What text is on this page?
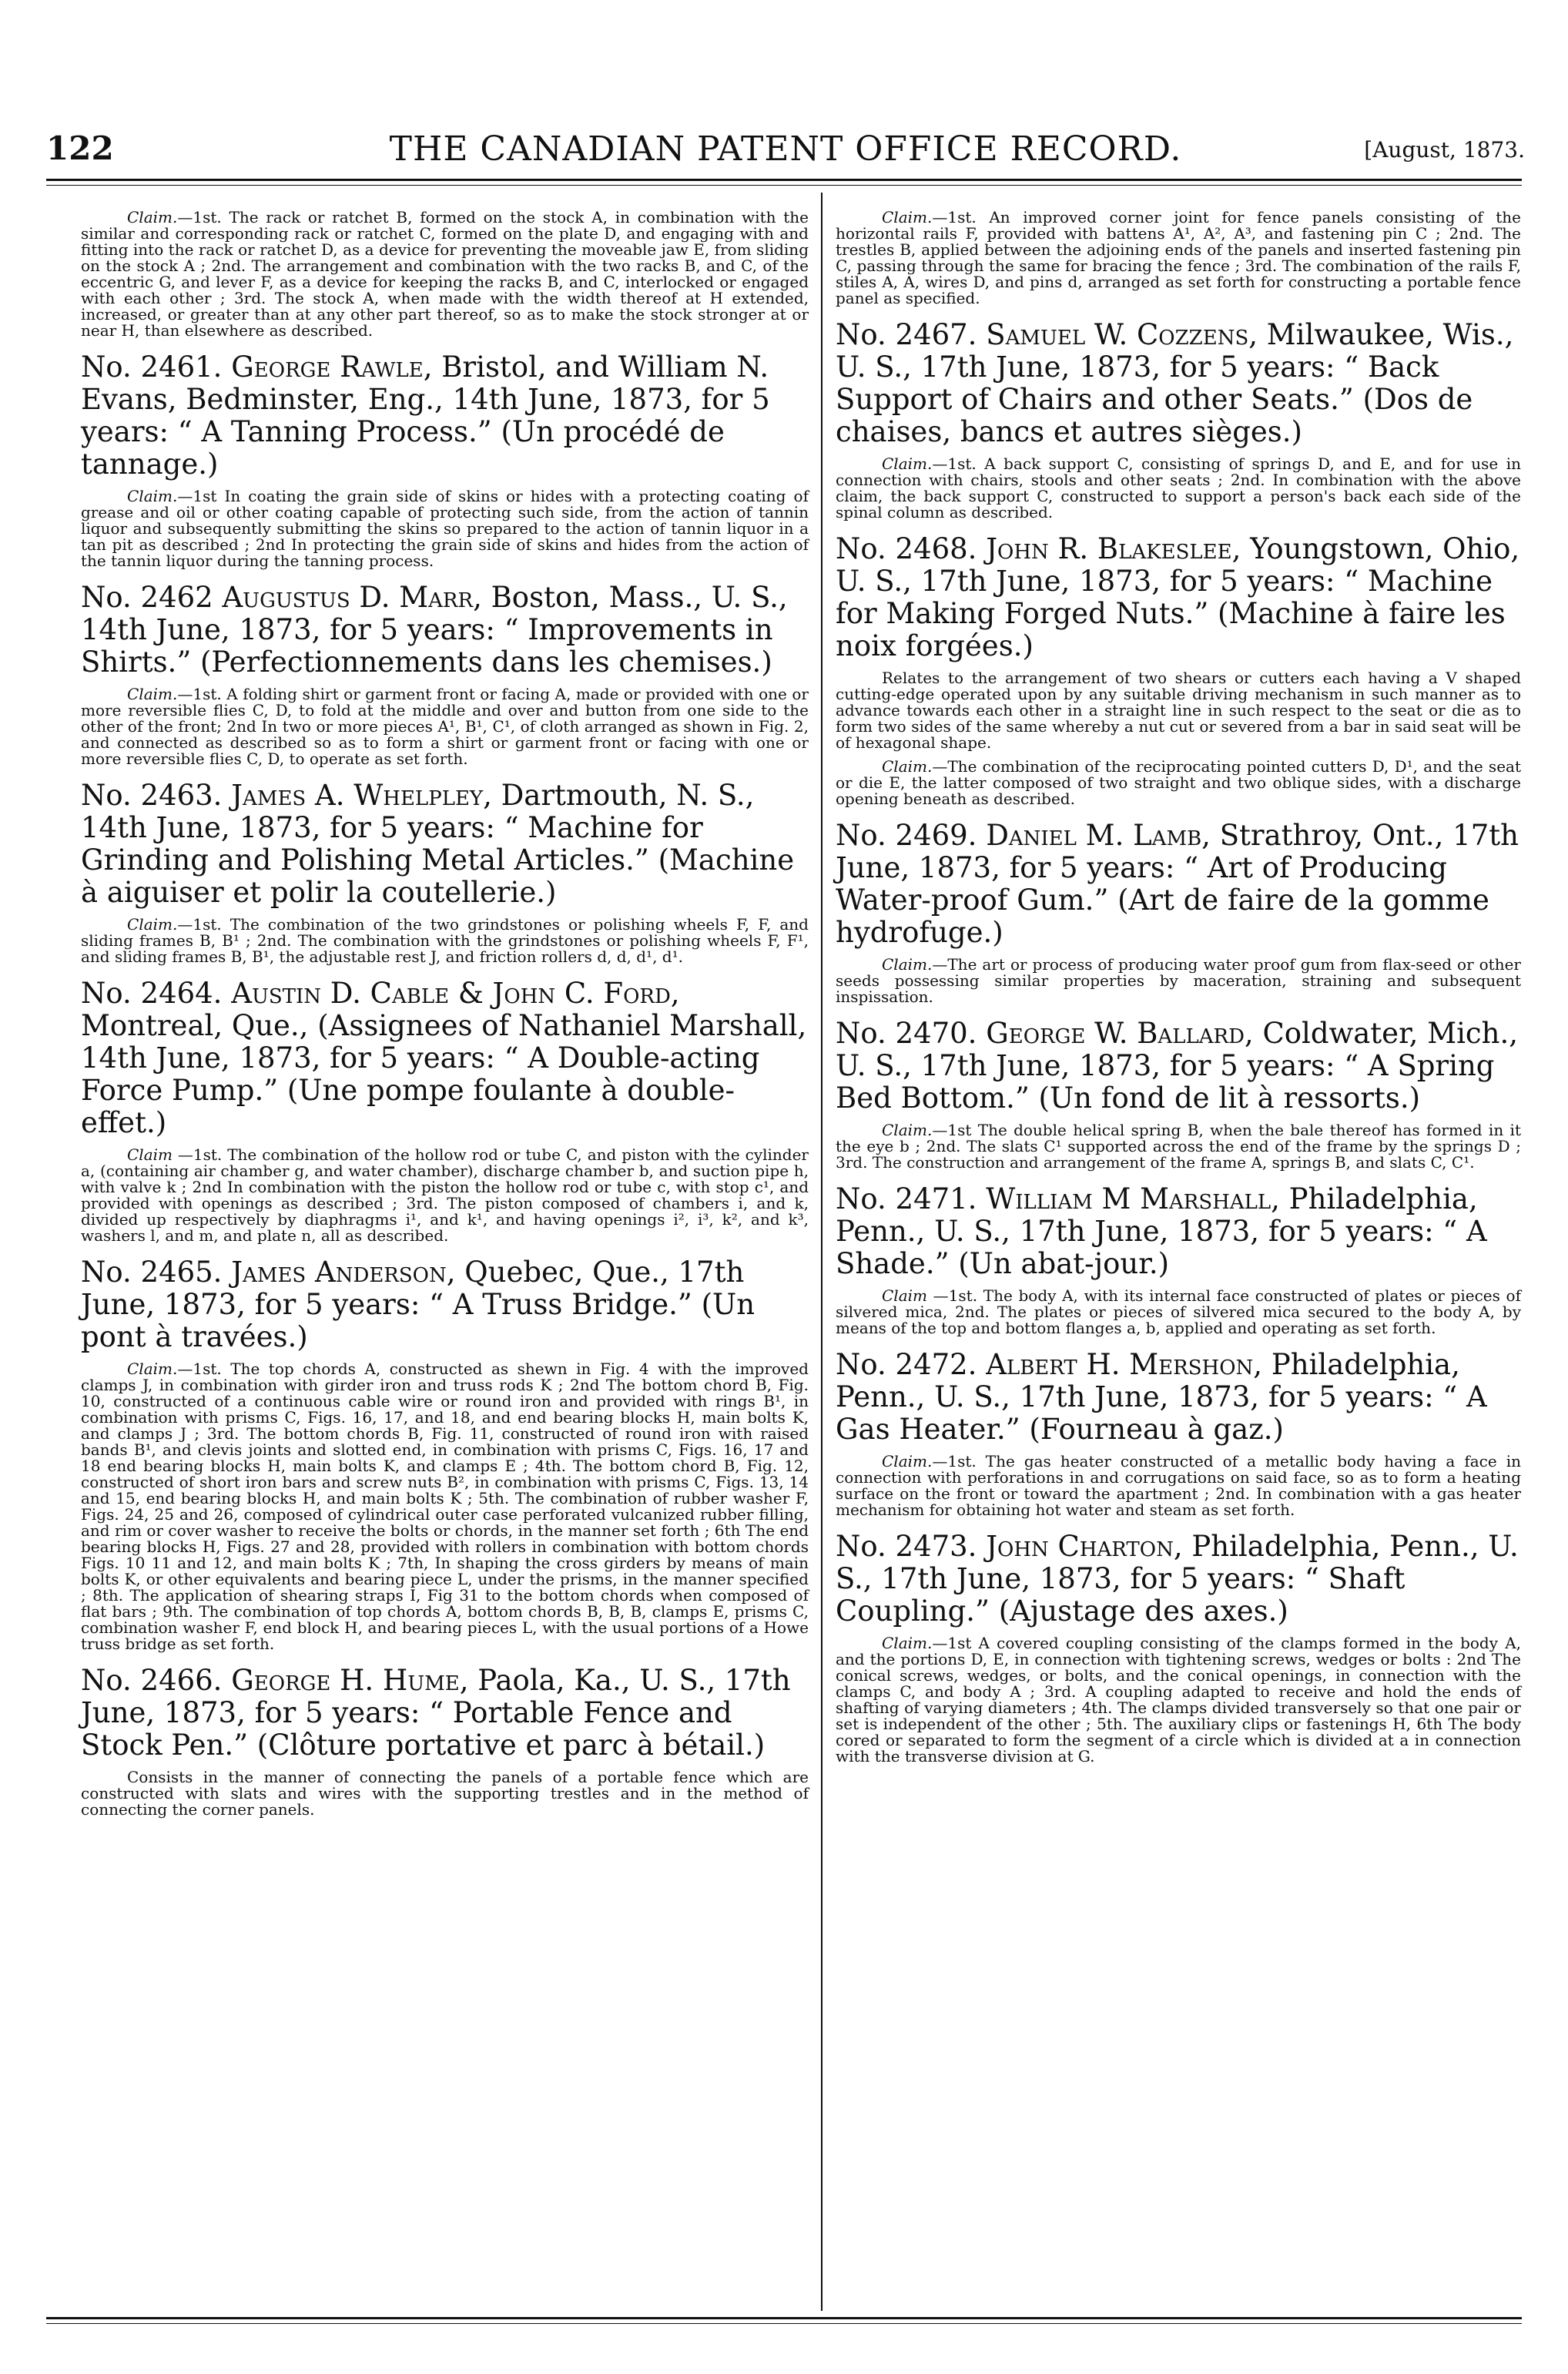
122	THE CANADIAN PATENT OFFICE RECORD.	[August, 1873.

Claim.—1st. The rack or ratchet B, formed on the stock A, in combination with the similar and corresponding rack or ratchet C, formed on the plate D, and engaging with and fitting into the rack or ratchet D, as a device for preventing the moveable jaw E, from sliding on the stock A ; 2nd. The arrangement and combination with the two racks B, and C, of the eccentric G, and lever F, as a device for keeping the racks B, and C, interlocked or engaged with each other ; 3rd. The stock A, when made with the width thereof at H extended, increased, or greater than at any other part thereof, so as to make the stock stronger at or near H, than elsewhere as described.

No. 2461. George Rawle, Bristol, and William N. Evans, Bedminster, Eng., 14th June, 1873, for 5 years: “ A Tanning Process.” (Un procédé de tannage.)

Claim.—1st In coating the grain side of skins or hides with a protecting coating of grease and oil or other coating capable of protecting such side, from the action of tannin liquor and subsequently submitting the skins so prepared to the action of tannin liquor in a tan pit as described ; 2nd In protecting the grain side of skins and hides from the action of the tannin liquor during the tanning process.

No. 2462 Augustus D. Marr, Boston, Mass., U. S., 14th June, 1873, for 5 years: “ Improvements in Shirts.” (Perfectionnements dans les chemises.)

Claim.—1st. A folding shirt or garment front or facing A, made or provided with one or more reversible flies C, D, to fold at the middle and over and button from one side to the other of the front; 2nd In two or more pieces A¹, B¹, C¹, of cloth arranged as shown in Fig. 2, and connected as described so as to form a shirt or garment front or facing with one or more reversible flies C, D, to operate as set forth.

No. 2463. James A. Whelpley, Dartmouth, N. S., 14th June, 1873, for 5 years: “ Machine for Grinding and Polishing Metal Articles.” (Machine à aiguiser et polir la coutellerie.)

Claim.—1st. The combination of the two grindstones or polishing wheels F, F, and sliding frames B, B¹ ; 2nd. The combination with the grindstones or polishing wheels F, F¹, and sliding frames B, B¹, the adjustable rest J, and friction rollers d, d, d¹, d¹.

No. 2464. Austin D. Cable & John C. Ford, Montreal, Que., (Assignees of Nathaniel Marshall, 14th June, 1873, for 5 years: “ A Double-acting Force Pump.” (Une pompe foulante à double-effet.)

Claim —1st. The combination of the hollow rod or tube C, and piston with the cylinder a, (containing air chamber g, and water chamber), discharge chamber b, and suction pipe h, with valve k ; 2nd In combination with the piston the hollow rod or tube c, with stop c¹, and provided with openings as described ; 3rd. The piston composed of chambers i, and k, divided up respectively by diaphragms i¹, and k¹, and having openings i², i³, k², and k³, washers l, and m, and plate n, all as described.

No. 2465. James Anderson, Quebec, Que., 17th June, 1873, for 5 years: “ A Truss Bridge.” (Un pont à travées.)

Claim.—1st. The top chords A, constructed as shewn in Fig. 4 with the improved clamps J, in combination with girder iron and truss rods K ; 2nd The bottom chord B, Fig. 10, constructed of a continuous cable wire or round iron and provided with rings B¹, in combination with prisms C, Figs. 16, 17, and 18, and end bearing blocks H, main bolts K, and clamps J ; 3rd. The bottom chords B, Fig. 11, constructed of round iron with raised bands B¹, and clevis joints and slotted end, in combination with prisms C, Figs. 16, 17 and 18 end bearing blocks H, main bolts K, and clamps E ; 4th. The bottom chord B, Fig. 12, constructed of short iron bars and screw nuts B², in combination with prisms C, Figs. 13, 14 and 15, end bearing blocks H, and main bolts K ; 5th. The combination of rubber washer F, Figs. 24, 25 and 26, composed of cylindrical outer case perforated vulcanized rubber filling, and rim or cover washer to receive the bolts or chords, in the manner set forth ; 6th The end bearing blocks H, Figs. 27 and 28, provided with rollers in combination with bottom chords Figs. 10 11 and 12, and main bolts K ; 7th, In shaping the cross girders by means of main bolts K, or other equivalents and bearing piece L, under the prisms, in the manner specified ; 8th. The application of shearing straps I, Fig 31 to the bottom chords when composed of flat bars ; 9th. The combination of top chords A, bottom chords B, B, B, clamps E, prisms C, combination washer F, end block H, and bearing pieces L, with the usual portions of a Howe truss bridge as set forth.

No. 2466. George H. Hume, Paola, Ka., U. S., 17th June, 1873, for 5 years: “ Portable Fence and Stock Pen.” (Clôture portative et parc à bétail.)

Consists in the manner of connecting the panels of a portable fence which are constructed with slats and wires with the supporting trestles and in the method of connecting the corner panels.

Claim.—1st. An improved corner joint for fence panels consisting of the horizontal rails F, provided with battens A¹, A², A³, and fastening pin C ; 2nd. The trestles B, applied between the adjoining ends of the panels and inserted fastening pin C, passing through the same for bracing the fence ; 3rd. The combination of the rails F, stiles A, A, wires D, and pins d, arranged as set forth for constructing a portable fence panel as specified.

No. 2467. Samuel W. Cozzens, Milwaukee, Wis., U. S., 17th June, 1873, for 5 years: “ Back Support of Chairs and other Seats.” (Dos de chaises, bancs et autres sièges.)

Claim.—1st. A back support C, consisting of springs D, and E, and for use in connection with chairs, stools and other seats ; 2nd. In combination with the above claim, the back support C, constructed to support a person's back each side of the spinal column as described.

No. 2468. John R. Blakeslee, Youngstown, Ohio, U. S., 17th June, 1873, for 5 years: “ Machine for Making Forged Nuts.” (Machine à faire les noix forgées.)

Relates to the arrangement of two shears or cutters each having a V shaped cutting-edge operated upon by any suitable driving mechanism in such manner as to advance towards each other in a straight line in such respect to the seat or die as to form two sides of the same whereby a nut cut or severed from a bar in said seat will be of hexagonal shape.

Claim.—The combination of the reciprocating pointed cutters D, D¹, and the seat or die E, the latter composed of two straight and two oblique sides, with a discharge opening beneath as described.

No. 2469. Daniel M. Lamb, Strathroy, Ont., 17th June, 1873, for 5 years: “ Art of Producing Water-proof Gum.” (Art de faire de la gomme hydrofuge.)

Claim.—The art or process of producing water proof gum from flax-seed or other seeds possessing similar properties by maceration, straining and subsequent inspissation.

No. 2470. George W. Ballard, Coldwater, Mich., U. S., 17th June, 1873, for 5 years: “ A Spring Bed Bottom.” (Un fond de lit à ressorts.)

Claim.—1st The double helical spring B, when the bale thereof has formed in it the eye b ; 2nd. The slats C¹ supported across the end of the frame by the springs D ; 3rd. The construction and arrangement of the frame A, springs B, and slats C, C¹.

No. 2471. William M Marshall, Philadelphia, Penn., U. S., 17th June, 1873, for 5 years: “ A Shade.” (Un abat-jour.)

Claim —1st. The body A, with its internal face constructed of plates or pieces of silvered mica, 2nd. The plates or pieces of silvered mica secured to the body A, by means of the top and bottom flanges a, b, applied and operating as set forth.

No. 2472. Albert H. Mershon, Philadelphia, Penn., U. S., 17th June, 1873, for 5 years: “ A Gas Heater.” (Fourneau à gaz.)

Claim.—1st. The gas heater constructed of a metallic body having a face in connection with perforations in and corrugations on said face, so as to form a heating surface on the front or toward the apartment ; 2nd. In combination with a gas heater mechanism for obtaining hot water and steam as set forth.

No. 2473. John Charton, Philadelphia, Penn., U. S., 17th June, 1873, for 5 years: “ Shaft Coupling.” (Ajustage des axes.)

Claim.—1st A covered coupling consisting of the clamps formed in the body A, and the portions D, E, in connection with tightening screws, wedges or bolts : 2nd The conical screws, wedges, or bolts, and the conical openings, in connection with the clamps C, and body A ; 3rd. A coupling adapted to receive and hold the ends of shafting of varying diameters ; 4th. The clamps divided transversely so that one pair or set is independent of the other ; 5th. The auxiliary clips or fastenings H, 6th The body cored or separated to form the segment of a circle which is divided at a in connection with the transverse division at G.
